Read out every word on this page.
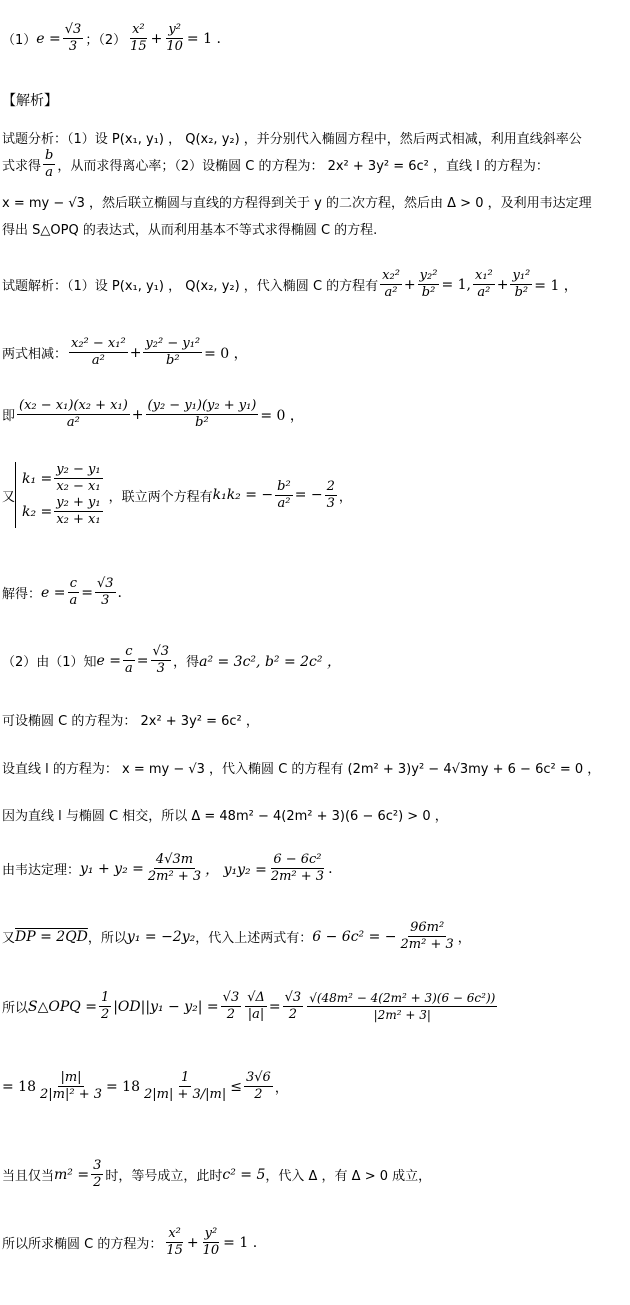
（1） $e = \frac{√3}{3}$ ；$(2) \frac{\text{x²}}{15} + \frac{\text{y²}}{10} = 1$ .
【解析】
试题分析：（1）设 P(x₁, y₁) ， Q(x₂, y₂) ，并分别代入椭圆方程中，然后两式相减，利用直线斜率公
式求得 $\frac{b}{a}$ ，从而求得离心率；（2）设椭圆 C 的方程为： 2x² + 3y² = 6c² ，直线 l 的方程为：
x = my − √3 ，然后联立椭圆与直线的方程得到关于 y 的二次方程，然后由 Δ > 0 ，及利用韦达定理
得出 S△OPQ 的表达式，从而利用基本不等式求得椭圆 C 的方程.
试题解析：（1）设 P(x₁, y₁) ， Q(x₂, y₂) ，代入椭圆 C 的方程有 $\frac{\text{x₂²}}{\text{a²}} + \frac{\text{y₂²}}{\text{b²}} = 1$, $\frac{\text{x₁²}}{\text{a²}} + \frac{\text{y₁²}}{\text{b²}} = 1$ ，
两式相减： $\frac{\text{x₂² − x₁²}}{\text{a²}} + \frac{\text{y₂² − y₁²}}{\text{b²}} = 0$ ，
即 $\frac{\text{(x₂ − x₁)(x₂ + x₁)}}{\text{a²}} + \frac{\text{(y₂ − y₁)(y₂ + y₁)}}{\text{b²}} = 0$ ，
又
$k_1 = \frac{\text{y₂ − y₁}}{\text{x₂ − x₁}}$
$k_2 = \frac{\text{y₂ + y₁}}{\text{x₂ + x₁}}$ ，联立两个方程有 k₁k₂ = − $\frac{\text{b²}}{\text{a²}}$ = − $\frac{2}{3}$ ，
解得： $e = \frac{c}{a} = \frac{√3}{3}$ .
（2）由（1）知 $e = \frac{c}{a} = \frac{√3}{3}$ ，得 a² = 3c², b² = 2c² ，
可设椭圆 C 的方程为： 2x² + 3y² = 6c² ，
设直线 l 的方程为： x = my − √3 ，代入椭圆 C 的方程有 (2m² + 3)y² − 4√3my + 6 − 6c² = 0 ，
因为直线 l 与椭圆 C 相交，所以 Δ = 48m² − 4(2m² + 3)(6 − 6c²) > 0 ，
由韦达定理： $y_1 + y_2 = \frac{4√3m}{\text{2m² + 3}}$ ， $y_1y_2 = \frac{\text{6 − 6c²}}{\text{2m² + 3}}$ .
又 DP = 2QD ，所以 y₁ = −2y₂ ，代入上述两式有： 6 − 6c² = − $\frac{\text{96m²}}{\text{2m² + 3}}$ ，
所以 S△OPQ = $\frac{1}{2} |OD||y_1 - y_2| = \frac{√3}{2} \frac{√\Delta}{|a|} = \frac{√3}{2} \frac{\text{√(48m² − 4(2m² + 3)(6 − 6c²))}}{\text{|2m² + 3|}}$
= $18 \frac{|m|}{\text{2|m|² + 3}} = 18 \frac{1}{2|m| + 3/|m|} \le \frac{3√6}{2}$ ，
当且仅当 $m^2 = \frac{3}{2}$ 时，等号成立，此时 c² = 5 ，代入 Δ ，有 Δ > 0 成立，
所以所求椭圆 C 的方程为： $\frac{\text{x²}}{15} + \frac{\text{y²}}{10} = 1$ .
